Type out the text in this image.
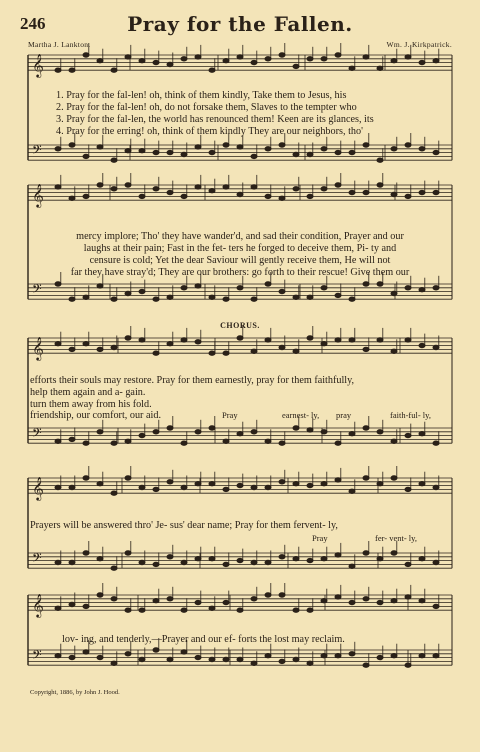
246	Pray for the Fallen.
Martha J. Lankton.	Wm. J. Kirkpatrick.
𝄞
𝄢
𝄞
𝄢
𝄞
𝄢
𝄞
𝄢
𝄞
𝄢
1. Pray for the fal-len! oh, think of them kindly, Take them to Jesus, his
2. Pray for the fal-len! oh, do not forsake them, Slaves to the tempter who
3. Pray for the fal-len, the world has renounced them! Keen are its glances, its
4. Pray for the erring! oh, think of them kindly They are our neighbors, tho'
mercy implore; Tho' they have wander'd, and sad their condition, Prayer and our
laughs at their pain; Fast in the fet- ters he forged to deceive them, Pi- ty and
censure is cold; Yet the dear Saviour will gently receive them, He will not
far they have stray'd; They are our brothers: go forth to their rescue! Give them our
CHORUS.
efforts their souls may restore. Pray for them earnestly, pray for them faithfully,
help them again and a- gain.
turn them away from his fold.
friendship, our comfort, our aid.	Pray	earnest- ly, pray	faith-ful- ly,
Prayers will be answered thro' Je- sus' dear name; Pray for them fervent- ly,
Pray	fer- vent- ly,
lov- ing, and tenderly,—Prayer and our ef- forts the lost may reclaim.
Copyright, 1886, by John J. Hood.
